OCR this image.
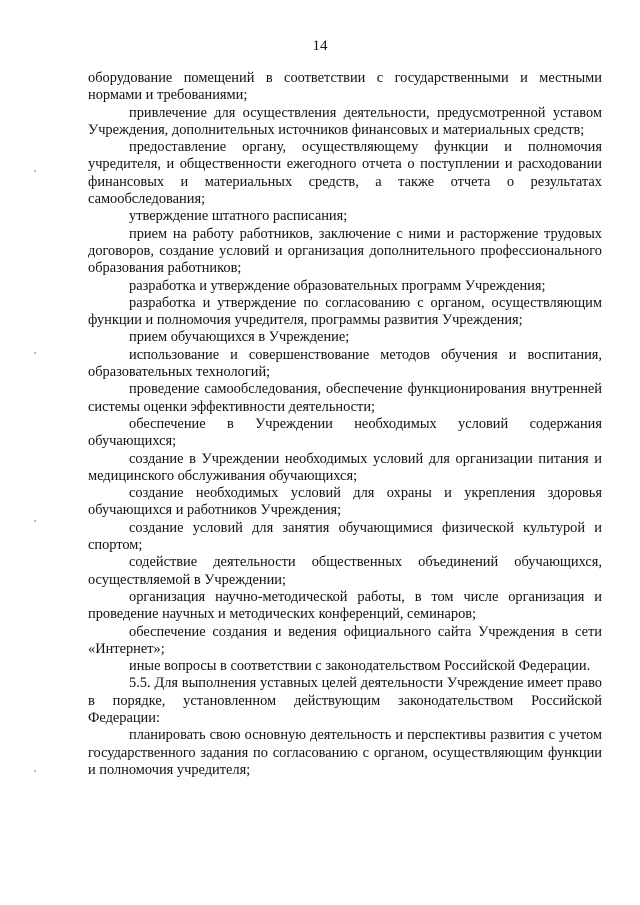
14

оборудование помещений в соответствии с государственными и местными нормами и требованиями;

привлечение для осуществления деятельности, предусмотренной уставом Учреждения, дополнительных источников финансовых и материальных средств;

предоставление органу, осуществляющему функции и полномочия учредителя, и общественности ежегодного отчета о поступлении и расходовании финансовых и материальных средств, а также отчета о результатах самообследования;

утверждение штатного расписания;

прием на работу работников, заключение с ними и расторжение трудовых договоров, создание условий и организация дополнительного профессионального образования работников;

разработка и утверждение образовательных программ Учреждения;

разработка и утверждение по согласованию с органом, осуществляющим функции и полномочия учредителя, программы развития Учреждения;

прием обучающихся в Учреждение;

использование и совершенствование методов обучения и воспитания, образовательных технологий;

проведение самообследования, обеспечение функционирования внутренней системы оценки эффективности деятельности;

обеспечение в Учреждении необходимых условий содержания обучающихся;

создание в Учреждении необходимых условий для организации питания и медицинского обслуживания обучающихся;

создание необходимых условий для охраны и укрепления здоровья обучающихся и работников Учреждения;

создание условий для занятия обучающимися физической культурой и спортом;

содействие деятельности общественных объединений обучающихся, осуществляемой в Учреждении;

организация научно-методической работы, в том числе организация и проведение научных и методических конференций, семинаров;

обеспечение создания и ведения официального сайта Учреждения в сети «Интернет»;

иные вопросы в соответствии с законодательством Российской Федерации.

5.5. Для выполнения уставных целей деятельности Учреждение имеет право в порядке, установленном действующим законодательством Российской Федерации:

планировать свою основную деятельность и перспективы развития с учетом государственного задания по согласованию с органом, осуществляющим функции и полномочия учредителя;
